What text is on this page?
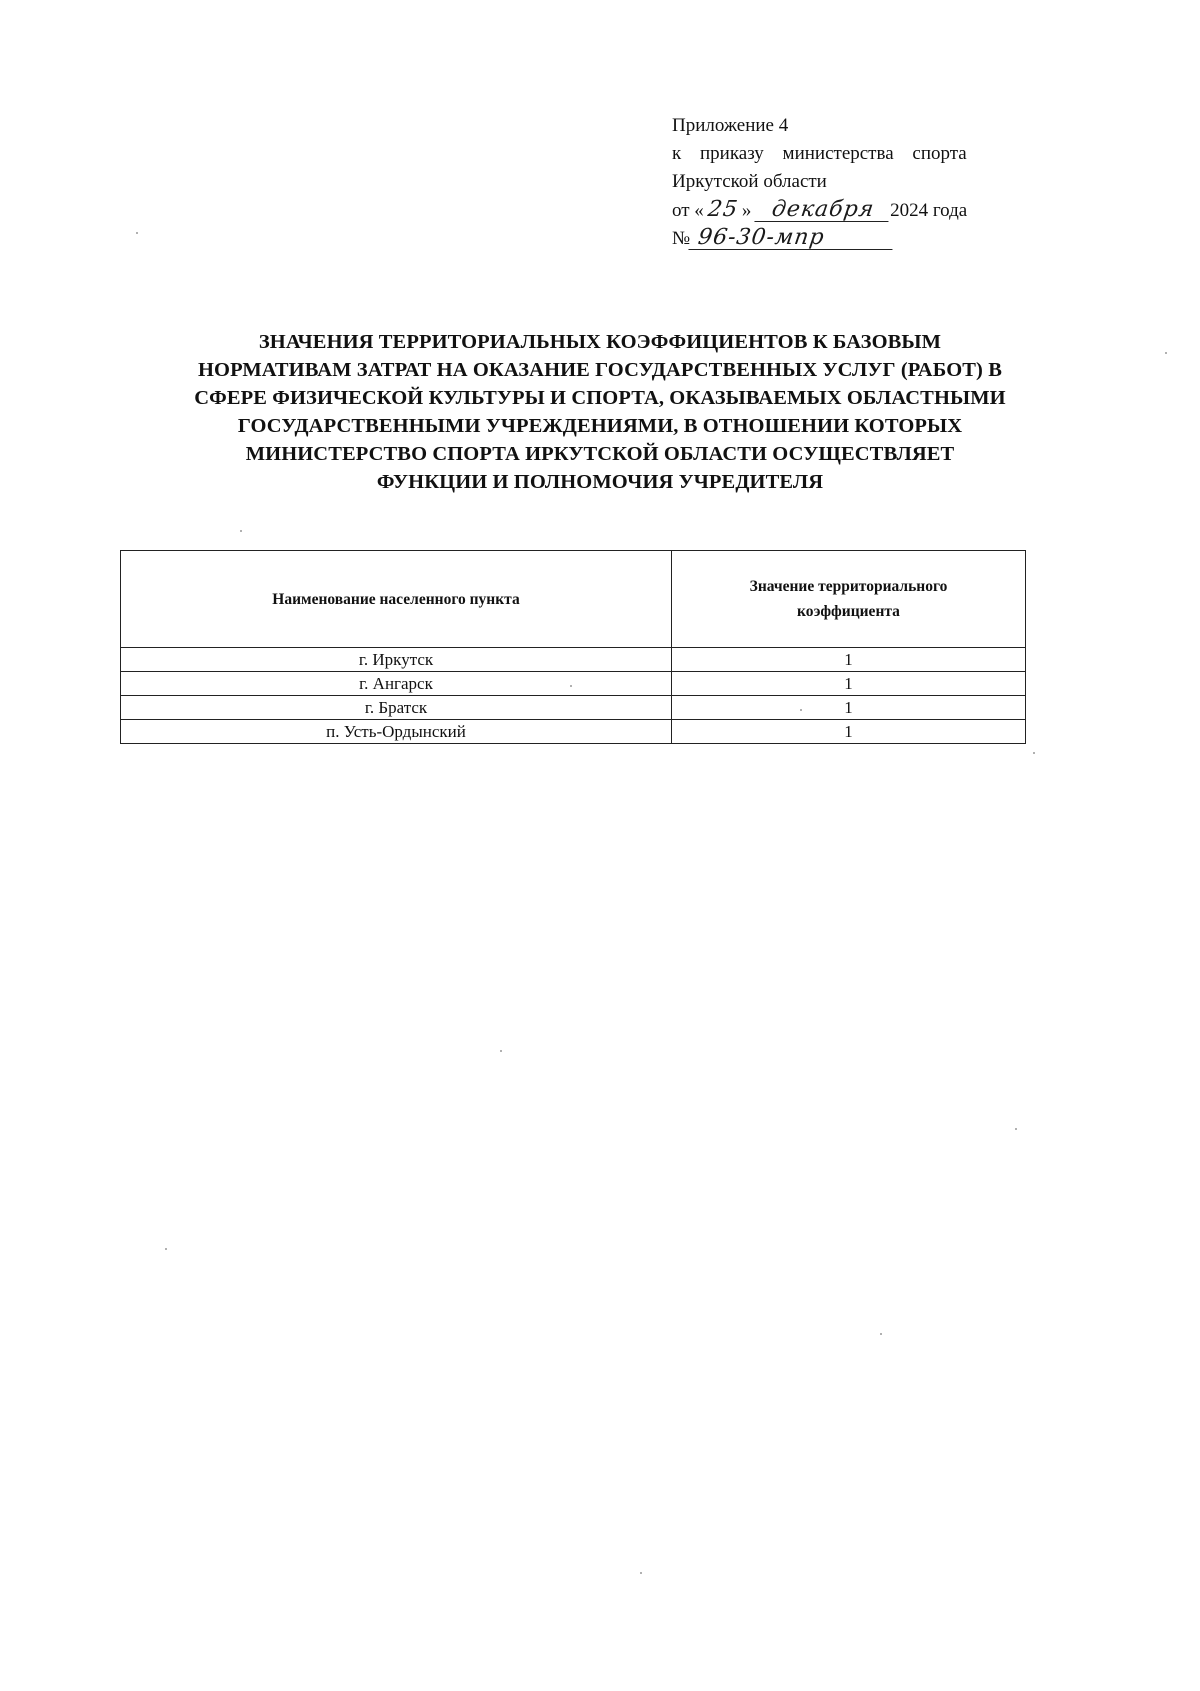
Приложение 4
к приказу министерства спорта
Иркутской области
от « 25 » декабря 2024 года
№ 96-30-мпр
ЗНАЧЕНИЯ ТЕРРИТОРИАЛЬНЫХ КОЭФФИЦИЕНТОВ К БАЗОВЫМ
НОРМАТИВАМ ЗАТРАТ НА ОКАЗАНИЕ ГОСУДАРСТВЕННЫХ УСЛУГ (РАБОТ) В
СФЕРЕ ФИЗИЧЕСКОЙ КУЛЬТУРЫ И СПОРТА, ОКАЗЫВАЕМЫХ ОБЛАСТНЫМИ
ГОСУДАРСТВЕННЫМИ УЧРЕЖДЕНИЯМИ, В ОТНОШЕНИИ КОТОРЫХ
МИНИСТЕРСТВО СПОРТА ИРКУТСКОЙ ОБЛАСТИ ОСУЩЕСТВЛЯЕТ
ФУНКЦИИ И ПОЛНОМОЧИЯ УЧРЕДИТЕЛЯ
Наименование населенного пункта	Значение территориального
коэффициента
г. Иркутск	1
г. Ангарск	1
г. Братск	1
п. Усть-Ордынский	1
